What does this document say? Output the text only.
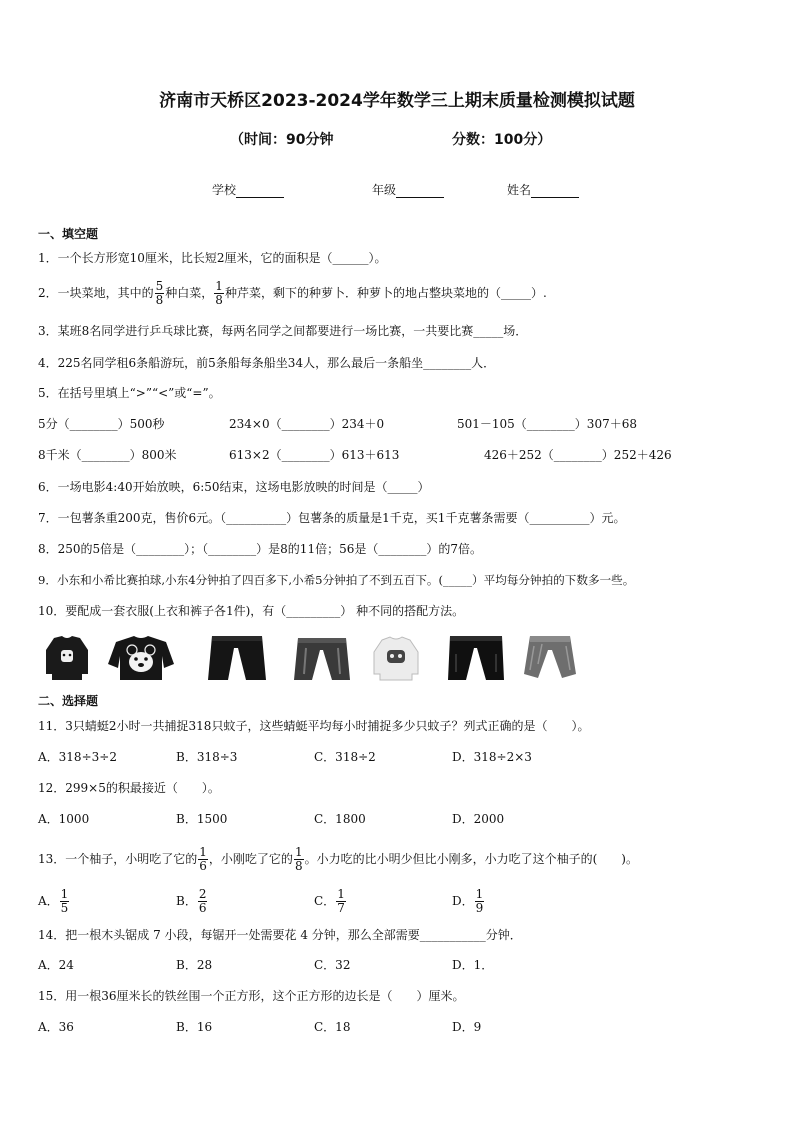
济南市天桥区2023-2024学年数学三上期末质量检测模拟试题
（时间：90分钟	分数：100分）
学校	年级	姓名
一、填空题
1．一个长方形宽10厘米，比长短2厘米，它的面积是（______）。
2．一块菜地，其中的 $\frac{5}{8}$ 种白菜， $\frac{1}{8}$ 种芹菜，剩下的种萝卜．种萝卜的地占整块菜地的（_____）.
3．某班8名同学进行乒乓球比赛，每两名同学之间都要进行一场比赛，一共要比赛_____场．
4．225名同学租6条船游玩，前5条船每条船坐34人，那么最后一条船坐________人．
5．在括号里填上“>”“<”或“=”。
5分（________）500秒	234×0（________）234＋0	501－105（________）307＋68
8千米（________）800米	613×2（________）613＋613	426＋252（________）252＋426
6．一场电影4:40开始放映，6:50结束，这场电影放映的时间是（_____）
7．一包薯条重200克，售价6元。（__________）包薯条的质量是1千克，买1千克薯条需要（__________）元。
8．250的5倍是（________）；（________）是8的11倍；56是（________）的7倍。
9．小东和小希比赛拍球,小东4分钟拍了四百多下,小希5分钟拍了不到五百下。(_____）平均每分钟拍的下数多一些。
10．要配成一套衣服(上衣和裤子各1件)，有（_________） 种不同的搭配方法。
二、选择题
11．3只蜻蜓2小时一共捕捉318只蚊子，这些蜻蜓平均每小时捕捉多少只蚊子？列式正确的是（　　）。
A．318÷3÷2	B．318÷3	C．318÷2	D．318÷2×3
12．299×5的积最接近（　　）。
A．1000	B．1500	C．1800	D．2000
13．一个柚子，小明吃了它的 $\frac{1}{6}$ ，小刚吃了它的 $\frac{1}{8}$ 。小力吃的比小明少但比小刚多，小力吃了这个柚子的(　　)。
A． $\frac{1}{5}$	B． $\frac{2}{6}$	C． $\frac{1}{7}$	D． $\frac{1}{9}$
14．把一根木头锯成 7 小段，每锯开一处需要花 4 分钟，那么全部需要___________分钟．
A．24	B．28	C．32	D．1．
15．用一根36厘米长的铁丝围一个正方形，这个正方形的边长是（　　）厘米。
A．36	B．16	C．18	D．9
